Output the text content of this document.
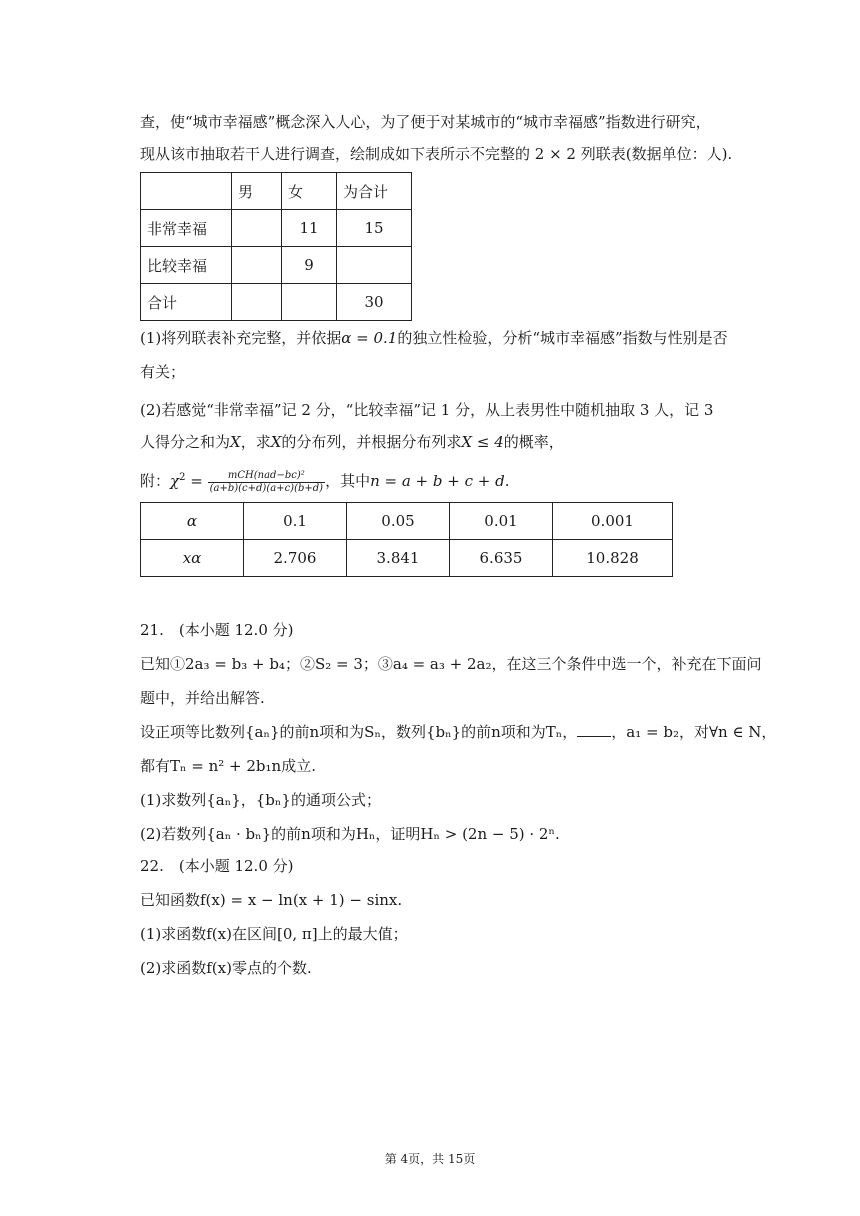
查，使“城市幸福感”概念深入人心，为了便于对某城市的“城市幸福感”指数进行研究，
现从该市抽取若干人进行调查，绘制成如下表所示不完整的 2 × 2 列联表(数据单位：人).
	男	女	为合计
非常幸福		11	15
比较幸福		9	
合计			30
(1)将列联表补充完整，并依据α = 0.1的独立性检验，分析“城市幸福感”指数与性别是否
有关；
(2)若感觉“非常幸福”记 2 分，“比较幸福”记 1 分，从上表男性中随机抽取 3 人，记 3
人得分之和为X，求X的分布列，并根据分布列求X ≤ 4的概率，
附：$\chi^2 = \frac{\text{mCH(nad−bc)²}}{(a+b)(c+d)(a+c)(b+d)}$ ，其中n = a + b + c + d.
α	0.1	0.05	0.01	0.001
xα	2.706	3.841	6.635	10.828
21.　(本小题 12.0 分)
已知①2a₃ = b₃ + b₄；②S₂ = 3；③a₄ = a₃ + 2a₂，在这三个条件中选一个，补充在下面问
题中，并给出解答.
设正项等比数列{aₙ}的前n项和为Sₙ，数列{bₙ}的前n项和为Tₙ， ，a₁ = b₂，对∀n ∈ N，
都有Tₙ = n² + 2b₁n成立.
(1)求数列{aₙ}，{bₙ}的通项公式；
(2)若数列{aₙ · bₙ}的前n项和为Hₙ，证明Hₙ > (2n − 5) · 2ⁿ.
22.　(本小题 12.0 分)
已知函数f(x) = x − ln(x + 1) − sinx.
(1)求函数f(x)在区间[0, π]上的最大值；
(2)求函数f(x)零点的个数.
第 4页，共 15页
